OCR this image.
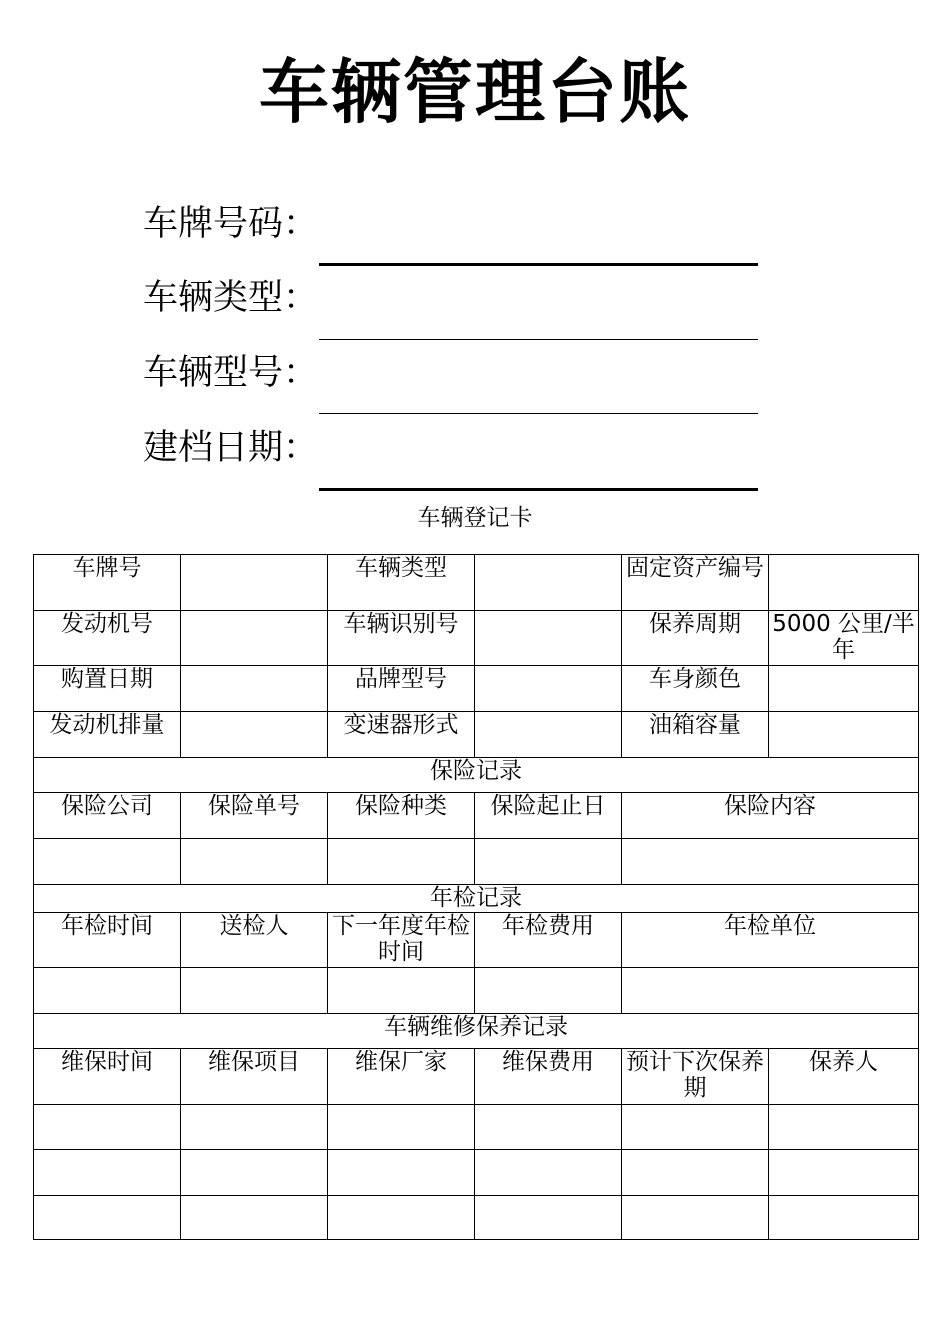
车辆管理台账
车牌号码：
车辆类型：
车辆型号：
建档日期：
车辆登记卡
车牌号		车辆类型		固定资产编号	
发动机号		车辆识别号		保养周期	5000 公里/半年
购置日期		品牌型号		车身颜色	
发动机排量		变速器形式		油箱容量	
保险记录					
保险公司	保险单号	保险种类	保险起止日	保险内容	

年检记录					
年检时间	送检人	下一年度年检时间	年检费用	年检单位	

车辆维修保养记录					
维保时间	维保项目	维保厂家	维保费用	预计下次保养期	保养人
